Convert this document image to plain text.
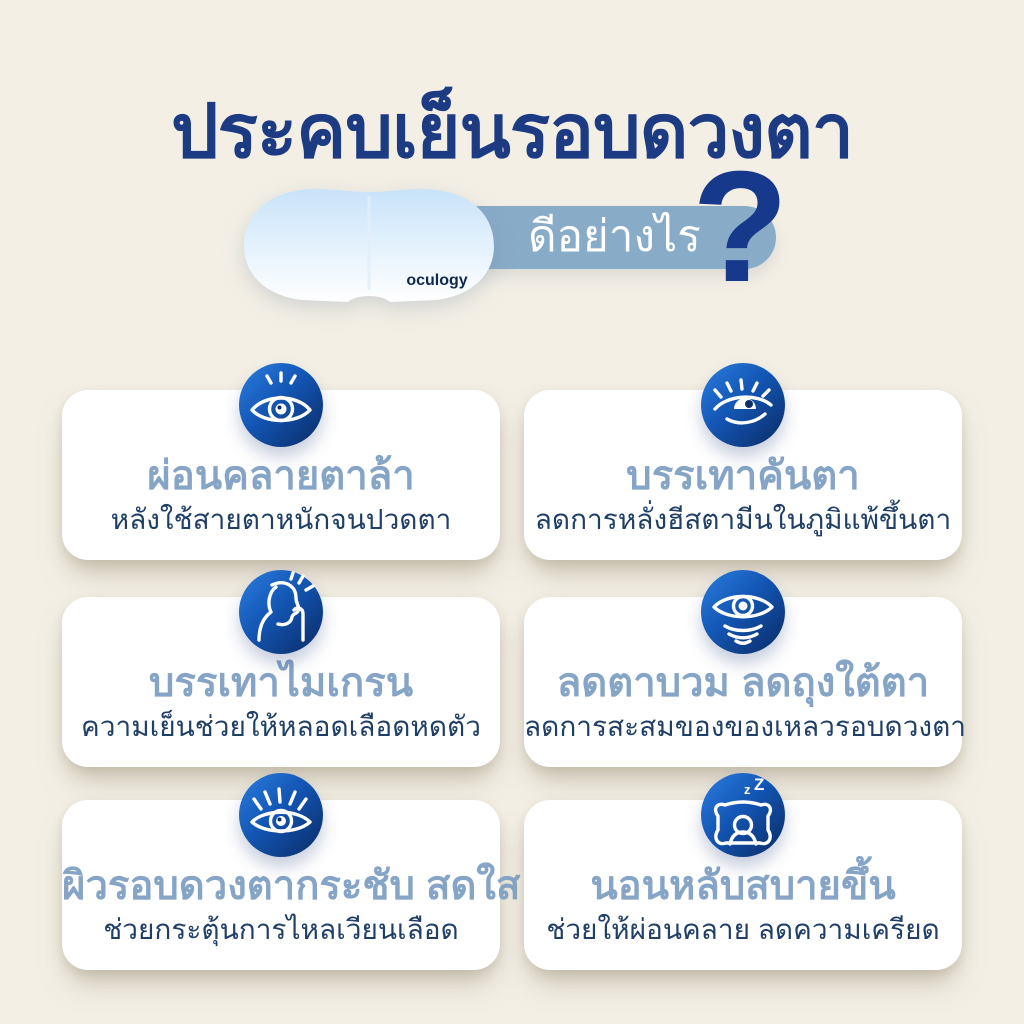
ประคบเย็นรอบดวงตา
ดีอย่างไร
?
oculogy
ผ่อนคลายตาล้า

หลังใช้สายตาหนักจนปวดตา

บรรเทาคันตา

ลดการหลั่งฮีสตามีนในภูมิแพ้ขึ้นตา

บรรเทาไมเกรน

ความเย็นช่วยให้หลอดเลือดหดตัว

ลดตาบวม ลดถุงใต้ตา

ลดการสะสมของของเหลวรอบดวงตา

ผิวรอบดวงตากระชับ สดใส

ช่วยกระตุ้นการไหลเวียนเลือด

z Z
นอนหลับสบายขึ้น

ช่วยให้ผ่อนคลาย ลดความเครียด
